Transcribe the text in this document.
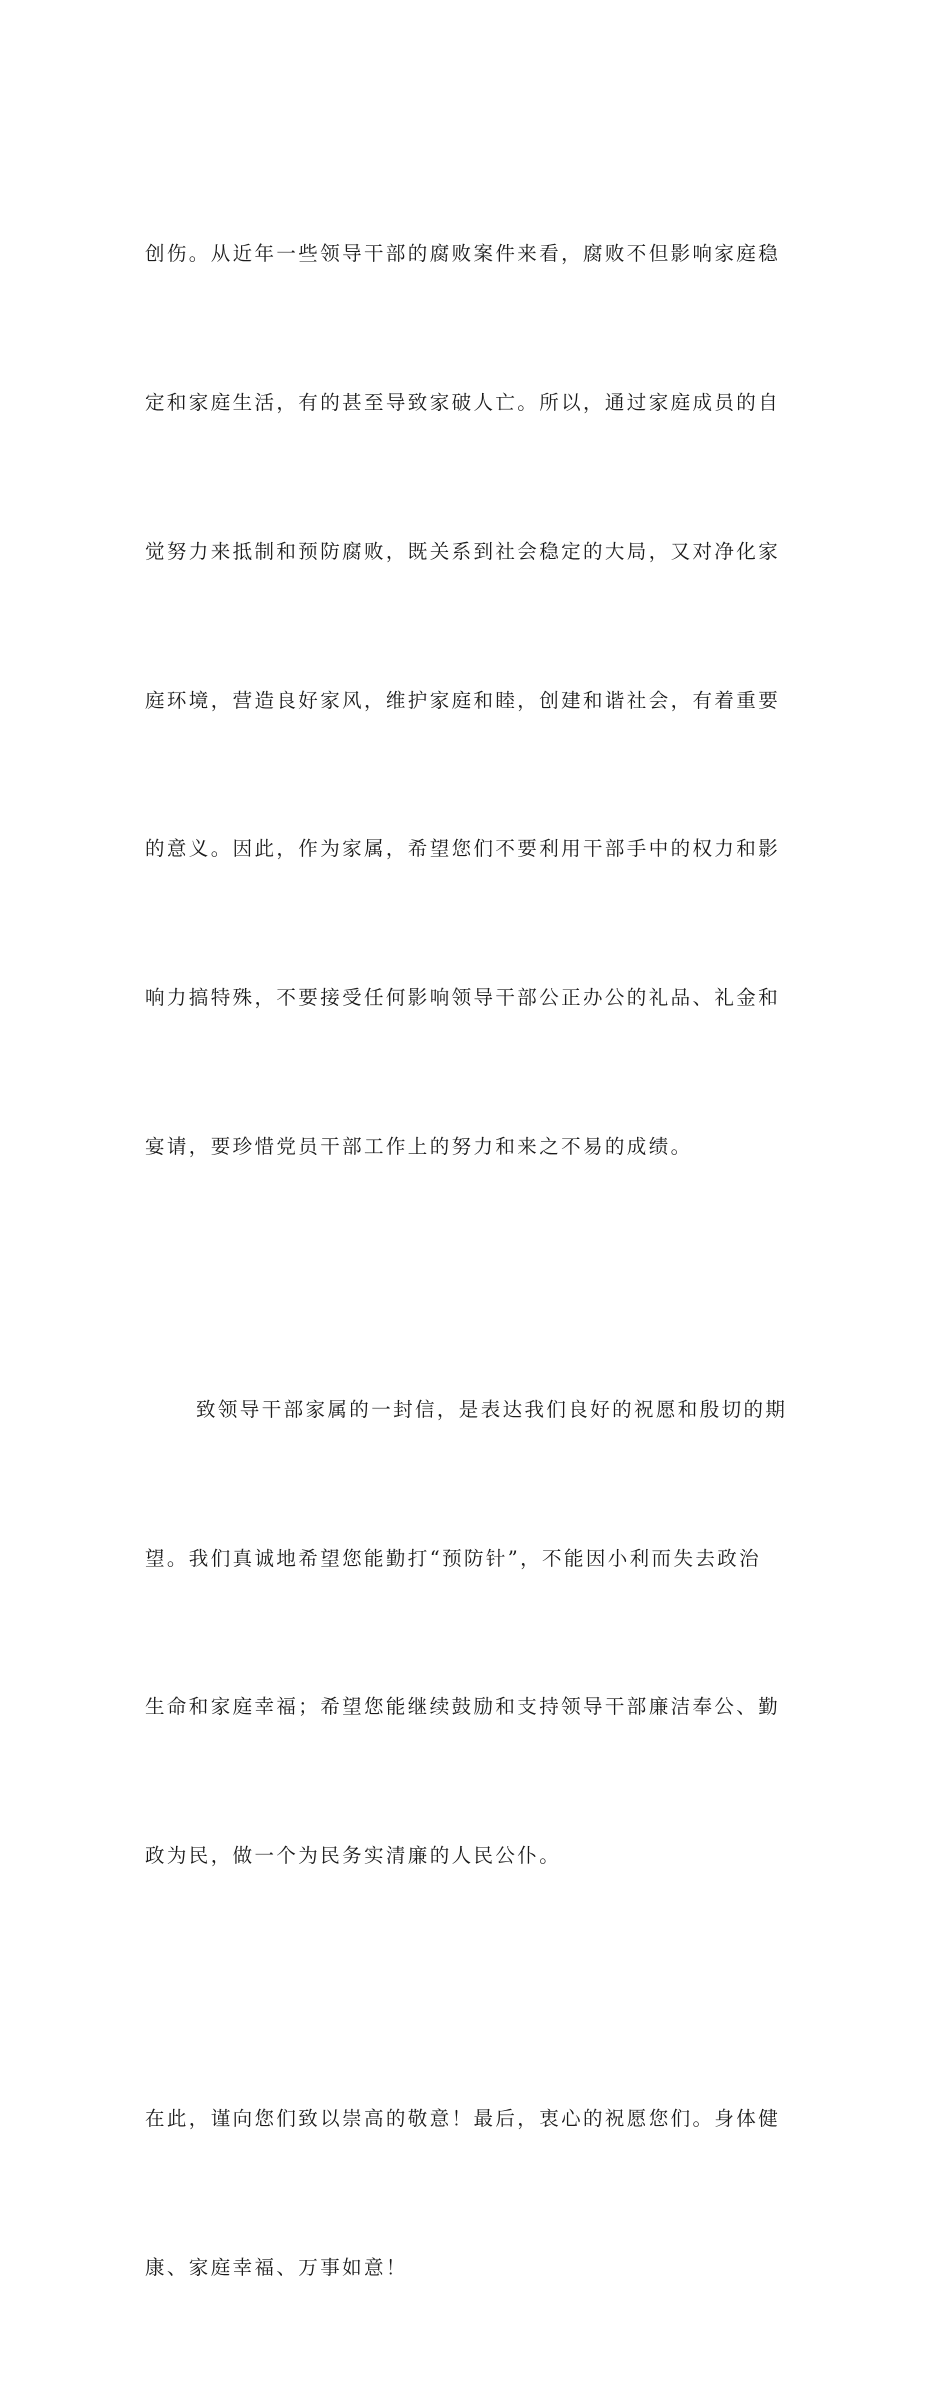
创伤。从近年一些领导干部的腐败案件来看，腐败不但影响家庭稳

定和家庭生活，有的甚至导致家破人亡。所以，通过家庭成员的自

觉努力来抵制和预防腐败，既关系到社会稳定的大局，又对净化家

庭环境，营造良好家风，维护家庭和睦，创建和谐社会，有着重要

的意义。因此，作为家属，希望您们不要利用干部手中的权力和影

响力搞特殊，不要接受任何影响领导干部公正办公的礼品、礼金和

宴请，要珍惜党员干部工作上的努力和来之不易的成绩。

致领导干部家属的一封信，是表达我们良好的祝愿和殷切的期

望。我们真诚地希望您能勤打“预防针”，不能因小利而失去政治

生命和家庭幸福；希望您能继续鼓励和支持领导干部廉洁奉公、勤

政为民，做一个为民务实清廉的人民公仆。

在此，谨向您们致以崇高的敬意！最后，衷心的祝愿您们。身体健

康、家庭幸福、万事如意！
